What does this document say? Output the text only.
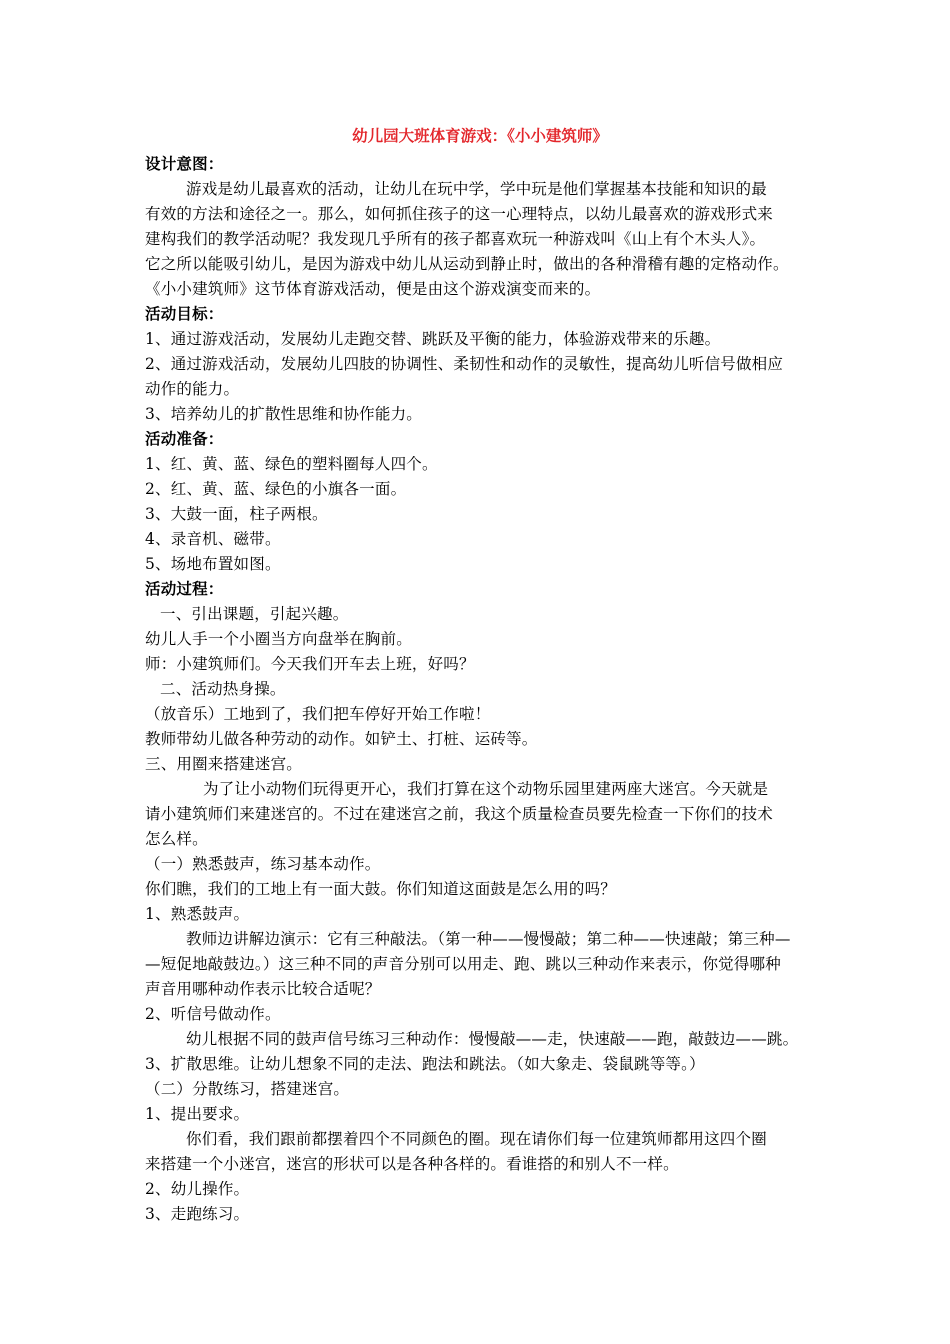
幼儿园大班体育游戏：《小小建筑师》
设计意图：
游戏是幼儿最喜欢的活动，让幼儿在玩中学，学中玩是他们掌握基本技能和知识的最
有效的方法和途径之一。那么，如何抓住孩子的这一心理特点，以幼儿最喜欢的游戏形式来
建构我们的教学活动呢？我发现几乎所有的孩子都喜欢玩一种游戏叫《山上有个木头人》。
它之所以能吸引幼儿，是因为游戏中幼儿从运动到静止时，做出的各种滑稽有趣的定格动作。
《小小建筑师》这节体育游戏活动，便是由这个游戏演变而来的。
活动目标：
1、通过游戏活动，发展幼儿走跑交替、跳跃及平衡的能力，体验游戏带来的乐趣。
2、通过游戏活动，发展幼儿四肢的协调性、柔韧性和动作的灵敏性，提高幼儿听信号做相应
动作的能力。
3、培养幼儿的扩散性思维和协作能力。
活动准备：
1、红、黄、蓝、绿色的塑料圈每人四个。
2、红、黄、蓝、绿色的小旗各一面。
3、大鼓一面，柱子两根。
4、录音机、磁带。
5、场地布置如图。
活动过程：
一、引出课题，引起兴趣。
幼儿人手一个小圈当方向盘举在胸前。
师：小建筑师们。今天我们开车去上班，好吗？
二、活动热身操。
（放音乐）工地到了，我们把车停好开始工作啦！
教师带幼儿做各种劳动的动作。如铲土、打桩、运砖等。
三、用圈来搭建迷宫。
为了让小动物们玩得更开心，我们打算在这个动物乐园里建两座大迷宫。今天就是
请小建筑师们来建迷宫的。不过在建迷宫之前，我这个质量检查员要先检查一下你们的技术
怎么样。
（一）熟悉鼓声，练习基本动作。
你们瞧，我们的工地上有一面大鼓。你们知道这面鼓是怎么用的吗？
1、熟悉鼓声。
教师边讲解边演示：它有三种敲法。（第一种——慢慢敲；第二种——快速敲；第三种—
—短促地敲鼓边。）这三种不同的声音分别可以用走、跑、跳以三种动作来表示，你觉得哪种
声音用哪种动作表示比较合适呢？
2、听信号做动作。
幼儿根据不同的鼓声信号练习三种动作：慢慢敲——走，快速敲——跑，敲鼓边——跳。
3、扩散思维。让幼儿想象不同的走法、跑法和跳法。（如大象走、袋鼠跳等等。）
（二）分散练习，搭建迷宫。
1、提出要求。
你们看，我们跟前都摆着四个不同颜色的圈。现在请你们每一位建筑师都用这四个圈
来搭建一个小迷宫，迷宫的形状可以是各种各样的。看谁搭的和别人不一样。
2、幼儿操作。
3、走跑练习。
